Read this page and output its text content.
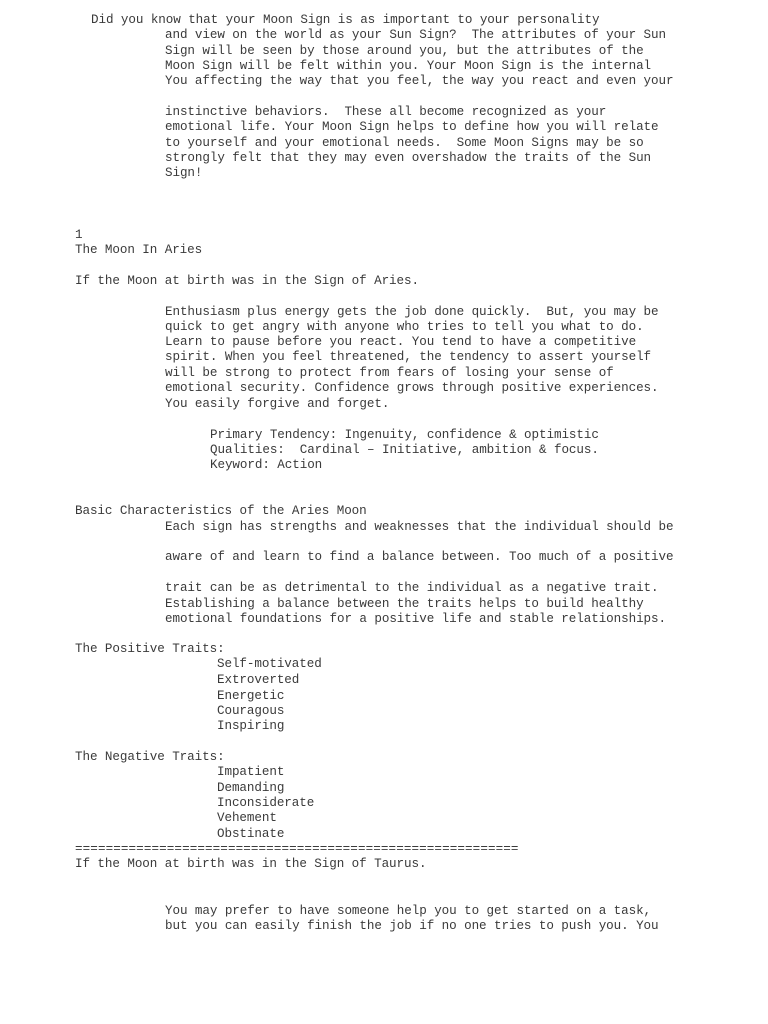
Did you know that your Moon Sign is as important to your personality
and view on the world as your Sun Sign?  The attributes of your Sun
Sign will be seen by those around you, but the attributes of the
Moon Sign will be felt within you. Your Moon Sign is the internal
You affecting the way that you feel, the way you react and even your
instinctive behaviors.  These all become recognized as your
emotional life. Your Moon Sign helps to define how you will relate
to yourself and your emotional needs.  Some Moon Signs may be so
strongly felt that they may even overshadow the traits of the Sun
Sign!
1
The Moon In Aries
If the Moon at birth was in the Sign of Aries.
Enthusiasm plus energy gets the job done quickly.  But, you may be
quick to get angry with anyone who tries to tell you what to do.
Learn to pause before you react. You tend to have a competitive
spirit. When you feel threatened, the tendency to assert yourself
will be strong to protect from fears of losing your sense of
emotional security. Confidence grows through positive experiences.
You easily forgive and forget.
Primary Tendency: Ingenuity, confidence & optimistic
Qualities:  Cardinal – Initiative, ambition & focus.
Keyword: Action
Basic Characteristics of the Aries Moon
Each sign has strengths and weaknesses that the individual should be
aware of and learn to find a balance between. Too much of a positive
trait can be as detrimental to the individual as a negative trait.
Establishing a balance between the traits helps to build healthy
emotional foundations for a positive life and stable relationships.
The Positive Traits:
Self-motivated
Extroverted
Energetic
Couragous
Inspiring
The Negative Traits:
Impatient
Demanding
Inconsiderate
Vehement
Obstinate
==========================================================
If the Moon at birth was in the Sign of Taurus.
You may prefer to have someone help you to get started on a task,
but you can easily finish the job if no one tries to push you. You
